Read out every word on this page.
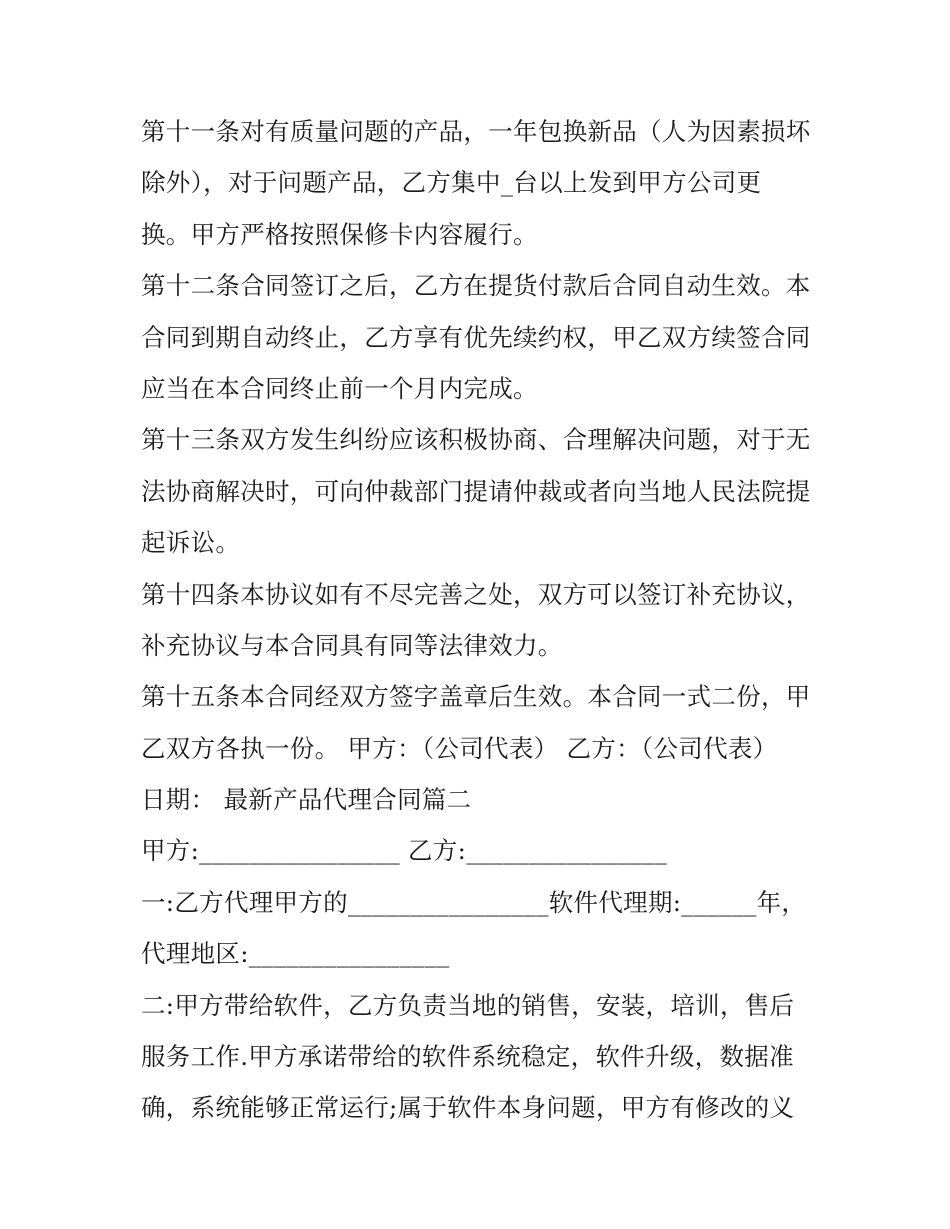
第十一条对有质量问题的产品，一年包换新品（人为因素损坏
除外），对于问题产品，乙方集中_台以上发到甲方公司更
换。甲方严格按照保修卡内容履行。
第十二条合同签订之后，乙方在提货付款后合同自动生效。本
合同到期自动终止，乙方享有优先续约权，甲乙双方续签合同
应当在本合同终止前一个月内完成。
第十三条双方发生纠纷应该积极协商、合理解决问题，对于无
法协商解决时，可向仲裁部门提请仲裁或者向当地人民法院提
起诉讼。
第十四条本协议如有不尽完善之处，双方可以签订补充协议，
补充协议与本合同具有同等法律效力。
第十五条本合同经双方签字盖章后生效。本合同一式二份，甲
乙双方各执一份。 甲方：（公司代表） 乙方：（公司代表）
日期： 最新产品代理合同篇二
甲方:________________ 乙方:________________
一:乙方代理甲方的________________软件代理期:______年，
代理地区:________________
二:甲方带给软件，乙方负责当地的销售，安装，培训，售后
服务工作.甲方承诺带给的软件系统稳定，软件升级，数据准
确，系统能够正常运行;属于软件本身问题，甲方有修改的义
